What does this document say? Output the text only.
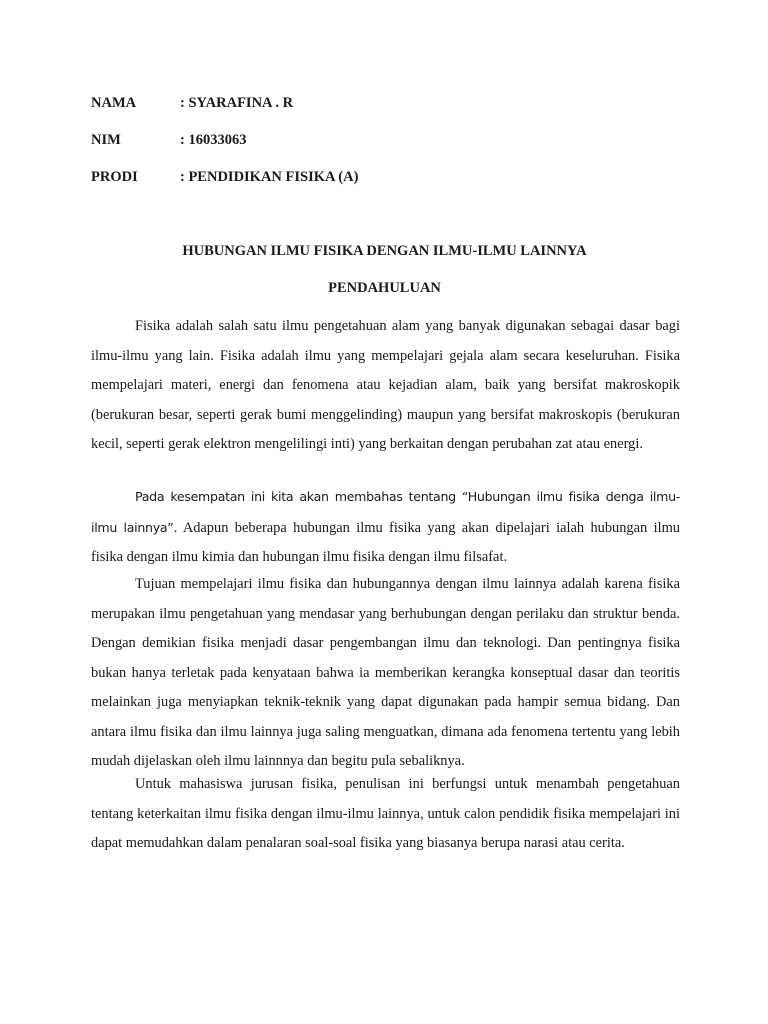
NAMA	: SYARAFINA . R
NIM	: 16033063
PRODI	: PENDIDIKAN FISIKA (A)
HUBUNGAN ILMU FISIKA DENGAN ILMU-ILMU LAINNYA
PENDAHULUAN

Fisika adalah salah satu ilmu pengetahuan alam yang banyak digunakan sebagai dasar bagi ilmu-ilmu yang lain. Fisika adalah ilmu yang mempelajari gejala alam secara keseluruhan. Fisika mempelajari materi, energi dan fenomena atau kejadian alam, baik yang bersifat makroskopik (berukuran besar, seperti gerak bumi menggelinding) maupun yang bersifat makroskopis (berukuran kecil, seperti gerak elektron mengelilingi inti) yang berkaitan dengan perubahan zat atau energi.

Pada kesempatan ini kita akan membahas tentang “Hubungan ilmu fisika denga ilmu-ilmu lainnya”. Adapun beberapa hubungan ilmu fisika yang akan dipelajari ialah hubungan ilmu fisika dengan ilmu kimia dan hubungan ilmu fisika dengan ilmu filsafat.

Tujuan mempelajari ilmu fisika dan hubungannya dengan ilmu lainnya adalah karena fisika merupakan ilmu pengetahuan yang mendasar yang berhubungan dengan perilaku dan struktur benda. Dengan demikian fisika menjadi dasar pengembangan ilmu dan teknologi. Dan pentingnya fisika bukan hanya terletak pada kenyataan bahwa ia memberikan kerangka konseptual dasar dan teoritis melainkan juga menyiapkan teknik-teknik yang dapat digunakan pada hampir semua bidang. Dan antara ilmu fisika dan ilmu lainnya juga saling menguatkan, dimana ada fenomena tertentu yang lebih mudah dijelaskan oleh ilmu lainnnya dan begitu pula sebaliknya.

Untuk mahasiswa jurusan fisika, penulisan ini berfungsi untuk menambah pengetahuan tentang keterkaitan ilmu fisika dengan ilmu-ilmu lainnya, untuk calon pendidik fisika mempelajari ini dapat memudahkan dalam penalaran soal-soal fisika yang biasanya berupa narasi atau cerita.
